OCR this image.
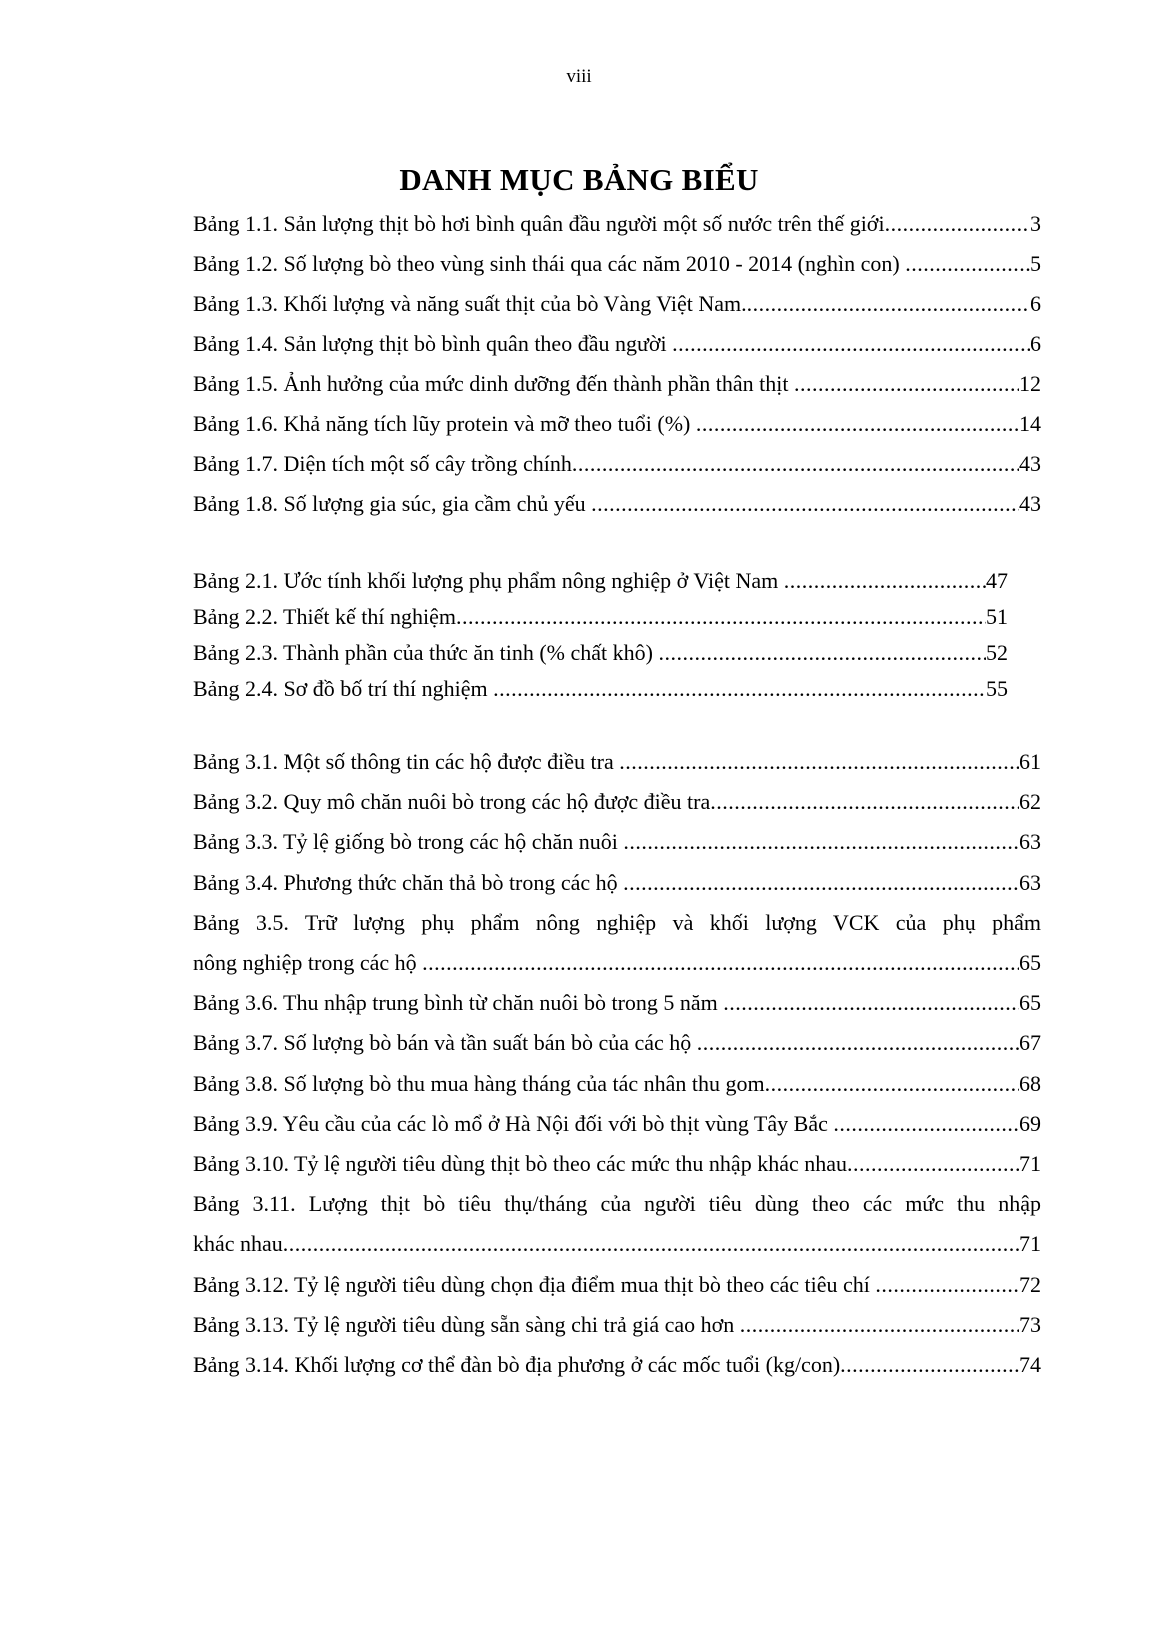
viii
DANH MỤC BẢNG BIỂU
Bảng 1.1. Sản lượng thịt bò hơi bình quân đầu người một số nước trên thế giới .....	3
Bảng 1.2. Số lượng bò theo vùng sinh thái qua các năm 2010 - 2014 (nghìn con) .....	5
Bảng 1.3. Khối lượng và năng suất thịt của bò Vàng Việt Nam. .....	6
Bảng 1.4. Sản lượng thịt bò bình quân theo đầu người .....	6
Bảng 1.5. Ảnh hưởng của mức dinh dưỡng đến thành phần thân thịt .....	12
Bảng 1.6. Khả năng tích lũy protein và mỡ theo tuổi (%) .....	14
Bảng 1.7. Diện tích một số cây trồng chính .....	43
Bảng 1.8. Số lượng gia súc, gia cầm chủ yếu .....	43
Bảng 2.1. Ước tính khối lượng phụ phẩm nông nghiệp ở Việt Nam .....	47
Bảng 2.2. Thiết kế thí nghiệm .....	51
Bảng 2.3. Thành phần của thức ăn tinh (% chất khô) .....	52
Bảng 2.4. Sơ đồ bố trí thí nghiệm .....	55
Bảng 3.1. Một số thông tin các hộ được điều tra .....	61
Bảng 3.2. Quy mô chăn nuôi bò trong các hộ được điều tra .....	62
Bảng 3.3. Tỷ lệ giống bò trong các hộ chăn nuôi .....	63
Bảng 3.4. Phương thức chăn thả bò trong các hộ .....	63
Bảng 3.5. Trữ lượng phụ phẩm nông nghiệp và khối lượng VCK của phụ phẩm
nông nghiệp trong các hộ .....	65
Bảng 3.6. Thu nhập trung bình từ chăn nuôi bò trong 5 năm .....	65
Bảng 3.7. Số lượng bò bán và tần suất bán bò của các hộ .....	67
Bảng 3.8. Số lượng bò thu mua hàng tháng của tác nhân thu gom .....	68
Bảng 3.9. Yêu cầu của các lò mổ ở Hà Nội đối với bò thịt vùng Tây Bắc .....	69
Bảng 3.10. Tỷ lệ người tiêu dùng thịt bò theo các mức thu nhập khác nhau .....	71
Bảng 3.11. Lượng thịt bò tiêu thụ/tháng của người tiêu dùng theo các mức thu nhập
khác nhau .....	71
Bảng 3.12. Tỷ lệ người tiêu dùng chọn địa điểm mua thịt bò theo các tiêu chí .....	72
Bảng 3.13. Tỷ lệ người tiêu dùng sẵn sàng chi trả giá cao hơn .....	73
Bảng 3.14. Khối lượng cơ thể đàn bò địa phương ở các mốc tuổi (kg/con) .....	74
